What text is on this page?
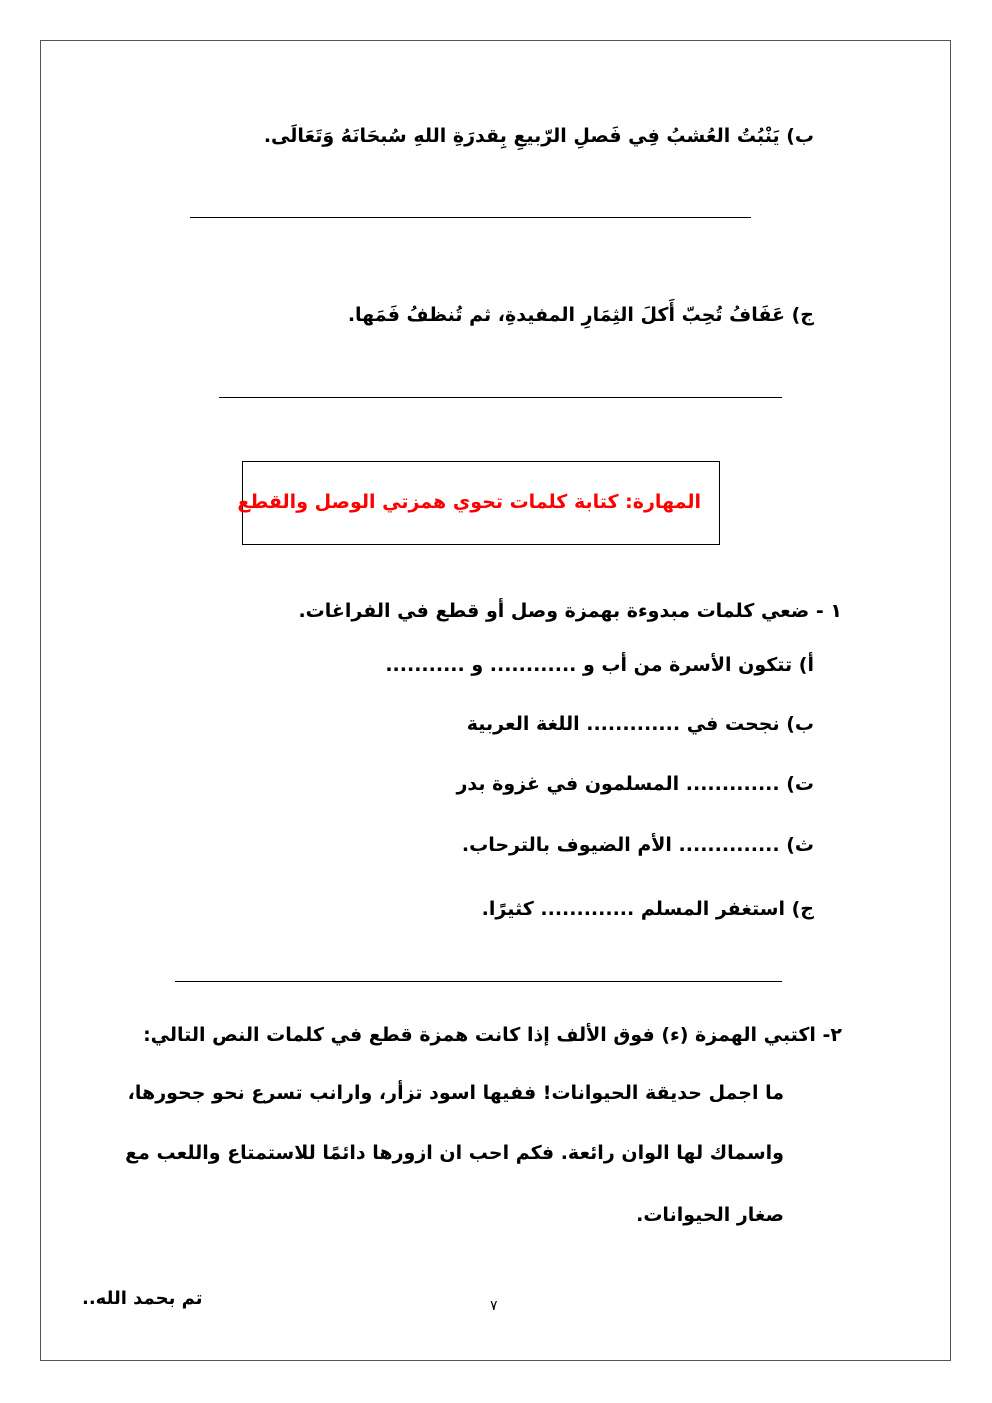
ب) يَنْبُتُ العُشبُ فِي فَصلِ الرّبيعِ بِقدرَةِ اللهِ سُبحَانَهُ وَتَعَالَى.
ج) عَفَافُ تُحِبّ أَكلَ الثِمَارِ المفيدةِ، ثم تُنظفُ فَمَها.
المهارة: كتابة كلمات تحوي همزتي الوصل والقطع
١ - ضعي كلمات مبدوءة بهمزة وصل أو قطع في الفراغات.
أ) تتكون الأسرة من أب و ............ و ...........
ب) نجحت في ............. اللغة العربية
ت) ............. المسلمون في غزوة بدر
ث) .............. الأم الضيوف بالترحاب.
ج) استغفر المسلم ............. كثيرًا.
٢- اكتبي الهمزة (ء) فوق الألف إذا كانت همزة قطع في كلمات النص التالي:
ما اجمل حديقة الحيوانات! ففيها اسود تزأر، وارانب تسرع نحو جحورها،
واسماك لها الوان رائعة. فكم احب ان ازورها دائمًا للاستمتاع واللعب مع
صغار الحيوانات.
تم بحمد الله..	٧
